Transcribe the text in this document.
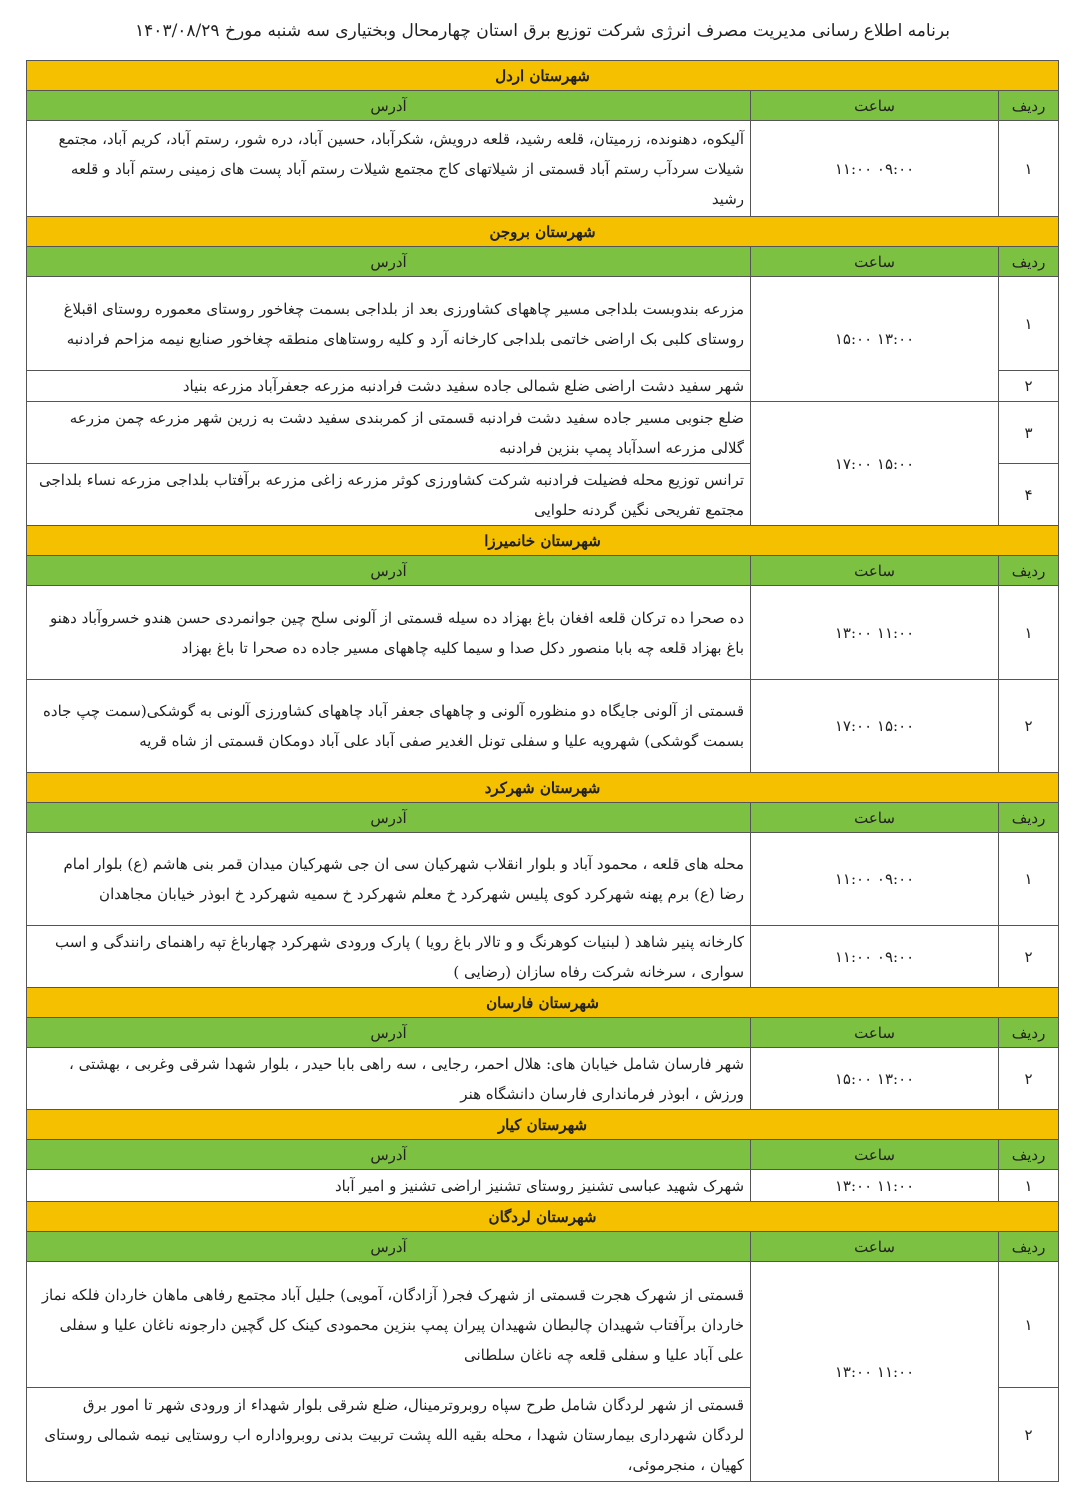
برنامه اطلاع رسانی مدیریت مصرف انرژی شرکت توزیع برق استان چهارمحال وبختیاری سه شنبه مورخ ۱۴۰۳/۰۸/۲۹
شهرستان اردل		
ردیف	ساعت	آدرس
۱	۰۹:۰۰ ۱۱:۰۰	آلیکوه، دهنونده، زرمیتان، قلعه رشید، قلعه درویش، شکرآباد، حسین آباد، دره شور، رستم آباد، کریم آباد، مجتمع شیلات سردآب رستم آباد قسمتی از شیلاتهای کاج مجتمع شیلات رستم آباد پست های زمینی رستم آباد و قلعه رشید
شهرستان بروجن		
ردیف	ساعت	آدرس
۱	۱۳:۰۰ ۱۵:۰۰	مزرعه بندوبست بلداجی مسیر چاههای کشاورزی بعد از بلداجی بسمت چغاخور روستای معموره روستای اقبلاغ روستای کلبی بک اراضی خاتمی بلداجی کارخانه آرد و کلیه روستاهای منطقه چغاخور صنایع نیمه مزاحم فرادنبه
۲		شهر سفید دشت اراضی ضلع شمالی جاده سفید دشت فرادنبه مزرعه جعفرآباد مزرعه بنیاد
۳	۱۵:۰۰ ۱۷:۰۰	ضلع جنوبی مسیر جاده سفید دشت فرادنبه قسمتی از کمربندی سفید دشت به زرین شهر مزرعه چمن مزرعه گلالی مزرعه اسدآباد پمپ بنزین فرادنبه
۴		ترانس توزیع محله فضیلت فرادنبه شرکت کشاورزی کوثر مزرعه زاغی مزرعه برآفتاب بلداجی مزرعه نساء بلداجی مجتمع تفریحی نگین گردنه حلوایی
شهرستان خانمیرزا		
ردیف	ساعت	آدرس
۱	۱۱:۰۰ ۱۳:۰۰	ده صحرا ده ترکان قلعه افغان باغ بهزاد ده سیله قسمتی از آلونی سلح چین جوانمردی حسن هندو خسروآباد دهنو باغ بهزاد قلعه چه بابا منصور دکل صدا و سیما کلیه چاههای مسیر جاده ده صحرا تا باغ بهزاد
۲	۱۵:۰۰ ۱۷:۰۰	قسمتی از آلونی جایگاه دو منظوره آلونی و چاههای جعفر آباد چاههای کشاورزی آلونی به گوشکی(سمت چپ جاده بسمت گوشکی) شهرویه علیا و سفلی تونل الغدیر صفی آباد علی آباد دومکان قسمتی از شاه قریه
شهرستان شهرکرد		
ردیف	ساعت	آدرس
۱	۰۹:۰۰ ۱۱:۰۰	محله های قلعه ، محمود آباد و بلوار انقلاب شهرکیان سی ان جی شهرکیان میدان قمر بنی هاشم (ع) بلوار امام رضا (ع) برم پهنه شهرکرد کوی پلیس شهرکرد خ معلم شهرکرد خ سمیه شهرکرد خ ابوذر خیابان مجاهدان
۲	۰۹:۰۰ ۱۱:۰۰	کارخانه پنیر شاهد ( لبنیات کوهرنگ و و تالار باغ رویا ) پارک ورودی شهرکرد چهارباغ تپه راهنمای رانندگی و اسب سواری ، سرخانه شرکت رفاه سازان (رضایی )
شهرستان فارسان		
ردیف	ساعت	آدرس
۲	۱۳:۰۰ ۱۵:۰۰	شهر فارسان شامل خیابان های: هلال احمر، رجایی ، سه راهی بابا حیدر ، بلوار شهدا شرقی وغربی ، بهشتی ، ورزش ، ابوذر فرمانداری فارسان دانشگاه هنر
شهرستان کیار		
ردیف	ساعت	آدرس
۱	۱۱:۰۰ ۱۳:۰۰	شهرک شهید عباسی تشنیز روستای تشنیز اراضی تشنیز و امیر آباد
شهرستان لردگان		
ردیف	ساعت	آدرس
۱	۱۱:۰۰ ۱۳:۰۰	قسمتی از شهرک هجرت قسمتی از شهرک فجر( آزادگان، آمویی) جلیل آباد مجتمع رفاهی ماهان خاردان فلکه نماز خاردان برآفتاب شهیدان چالبطان شهیدان پیران پمپ بنزین محمودی کینک کل گچین دارجونه ناغان علیا و سفلی علی آباد علیا و سفلی قلعه چه ناغان سلطانی
۲		قسمتی از شهر لردگان شامل طرح سپاه روبروترمینال، ضلع شرقی بلوار شهداء از ورودی شهر تا امور برق لردگان شهرداری بیمارستان شهدا ، محله بقیه الله پشت تربیت بدنی روبرواداره اب روستایی نیمه شمالی روستای کهیان ، منجرموئی،
